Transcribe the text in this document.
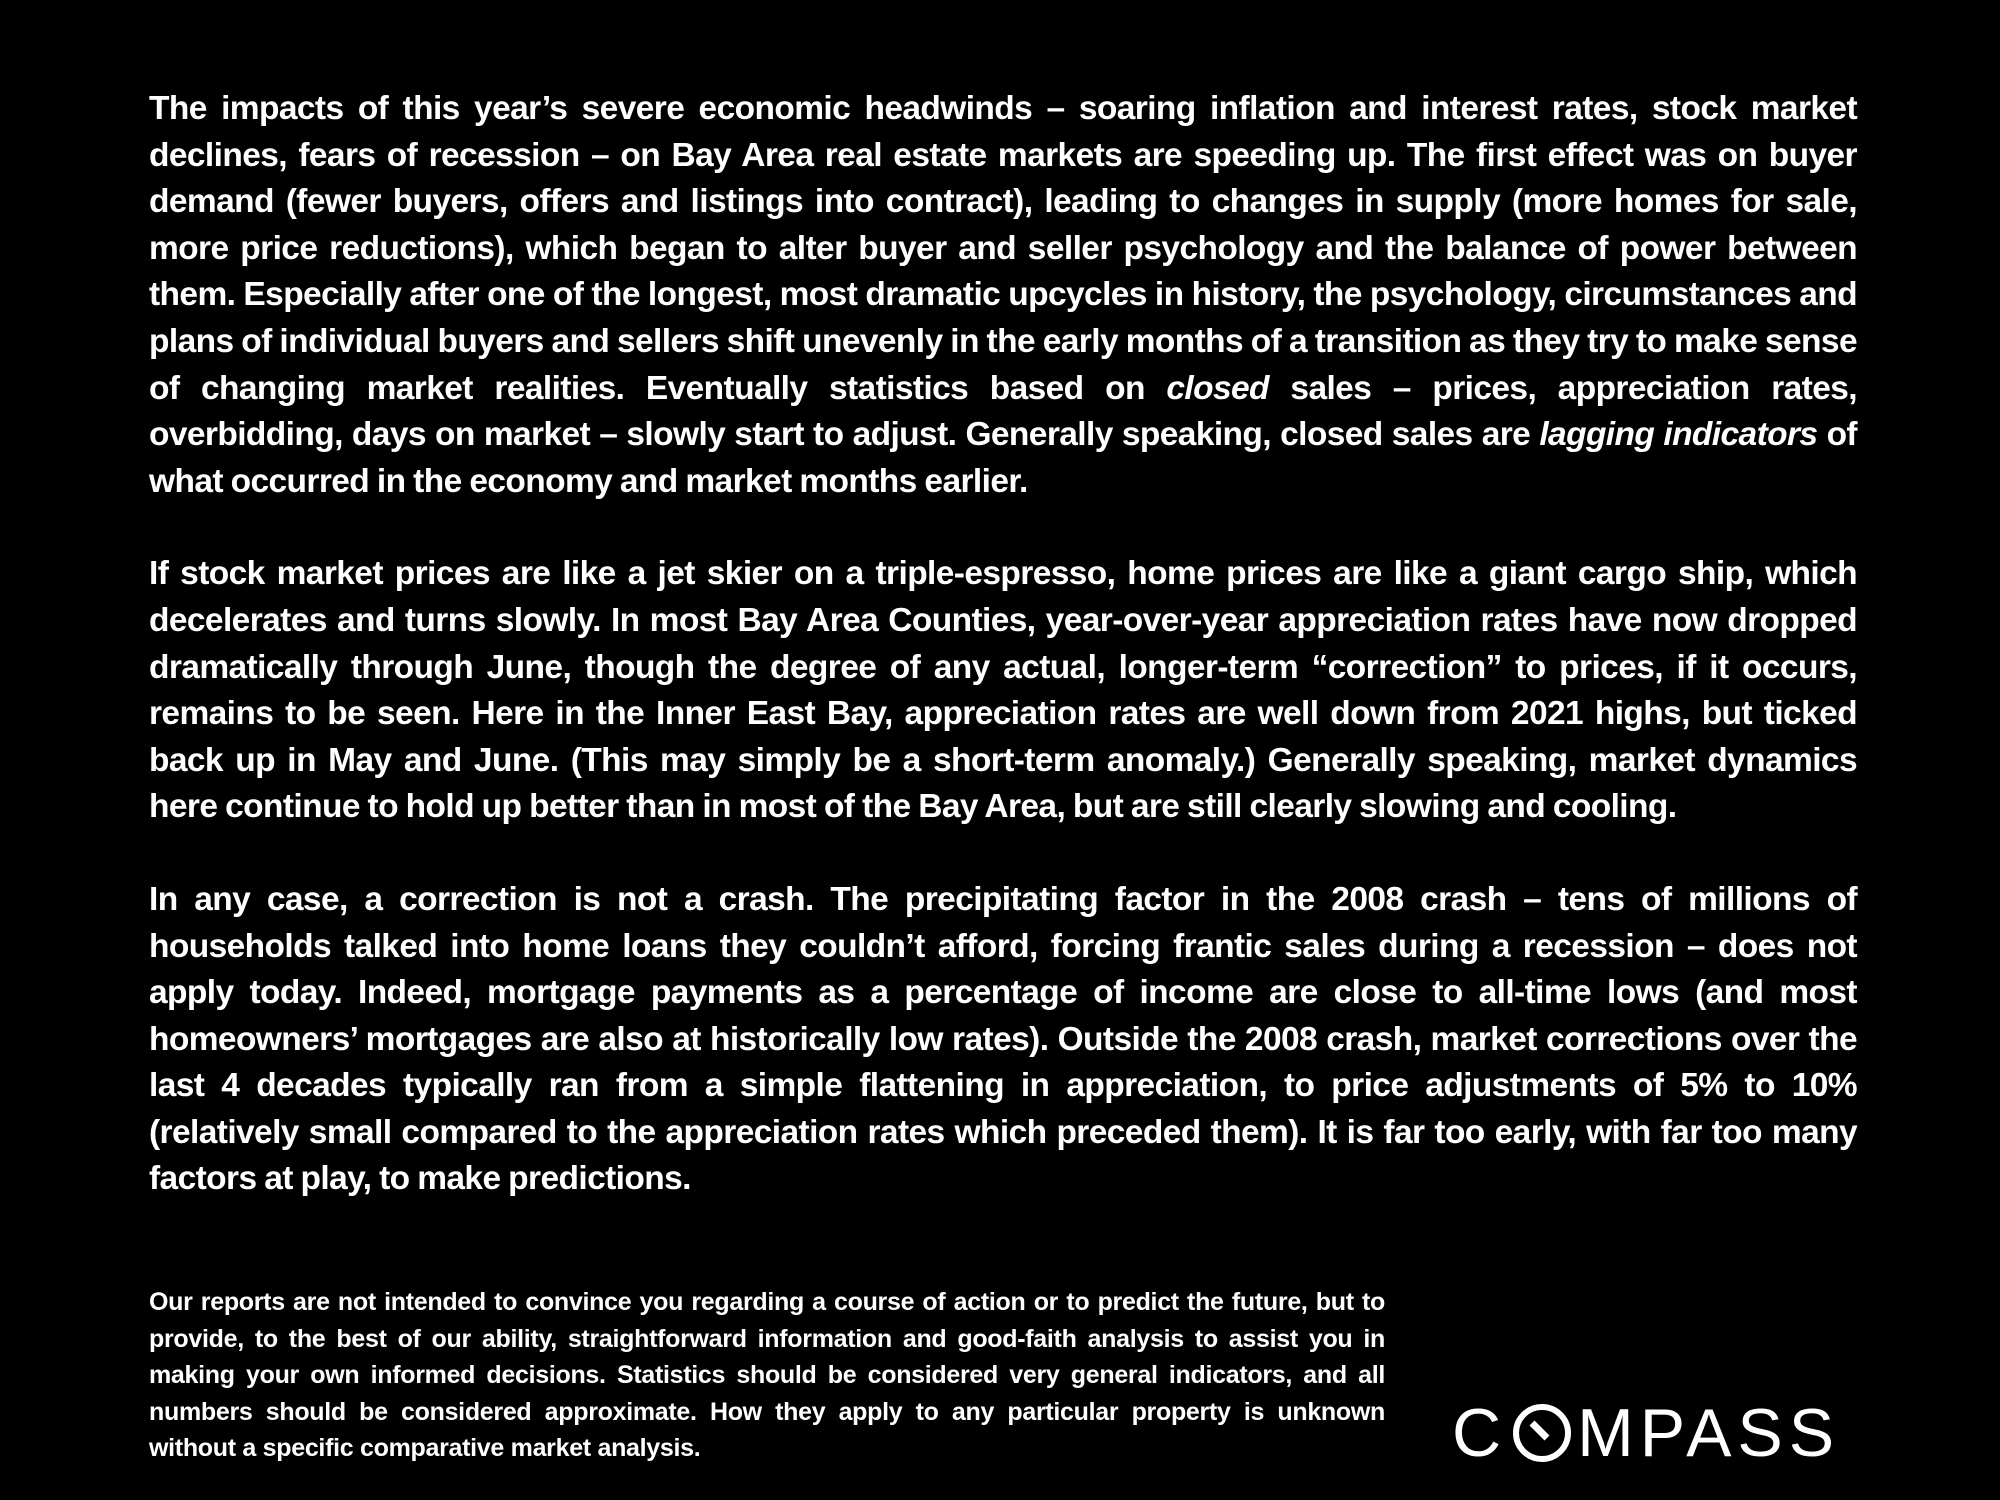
The impacts of this year’s severe economic headwinds – soaring inflation and interest rates, stock market declines, fears of recession – on Bay Area real estate markets are speeding up. The first effect was on buyer demand (fewer buyers, offers and listings into contract), leading to changes in supply (more homes for sale, more price reductions), which began to alter buyer and seller psychology and the balance of power between them. Especially after one of the longest, most dramatic upcycles in history, the psychology, circumstances and plans of individual buyers and sellers shift unevenly in the early months of a transition as they try to make sense of changing market realities. Eventually statistics based on closed sales – prices, appreciation rates, overbidding, days on market – slowly start to adjust. Generally speaking, closed sales are lagging indicators of what occurred in the economy and market months earlier.

If stock market prices are like a jet skier on a triple-espresso, home prices are like a giant cargo ship, which decelerates and turns slowly. In most Bay Area Counties, year-over-year appreciation rates have now dropped dramatically through June, though the degree of any actual, longer-term “correction” to prices, if it occurs, remains to be seen. Here in the Inner East Bay, appreciation rates are well down from 2021 highs, but ticked back up in May and June. (This may simply be a short-term anomaly.) Generally speaking, market dynamics here continue to hold up better than in most of the Bay Area, but are still clearly slowing and cooling.

In any case, a correction is not a crash. The precipitating factor in the 2008 crash – tens of millions of households talked into home loans they couldn’t afford, forcing frantic sales during a recession – does not apply today. Indeed, mortgage payments as a percentage of income are close to all-time lows (and most homeowners’ mortgages are also at historically low rates). Outside the 2008 crash, market corrections over the last 4 decades typically ran from a simple flattening in appreciation, to price adjustments of 5% to 10% (relatively small compared to the appreciation rates which preceded them). It is far too early, with far too many factors at play, to make predictions.

Our reports are not intended to convince you regarding a course of action or to predict the future, but to provide, to the best of our ability, straightforward information and good-faith analysis to assist you in making your own informed decisions. Statistics should be considered very general indicators, and all numbers should be considered approximate. How they apply to any particular property is unknown without a specific comparative market analysis.	C MPASS
